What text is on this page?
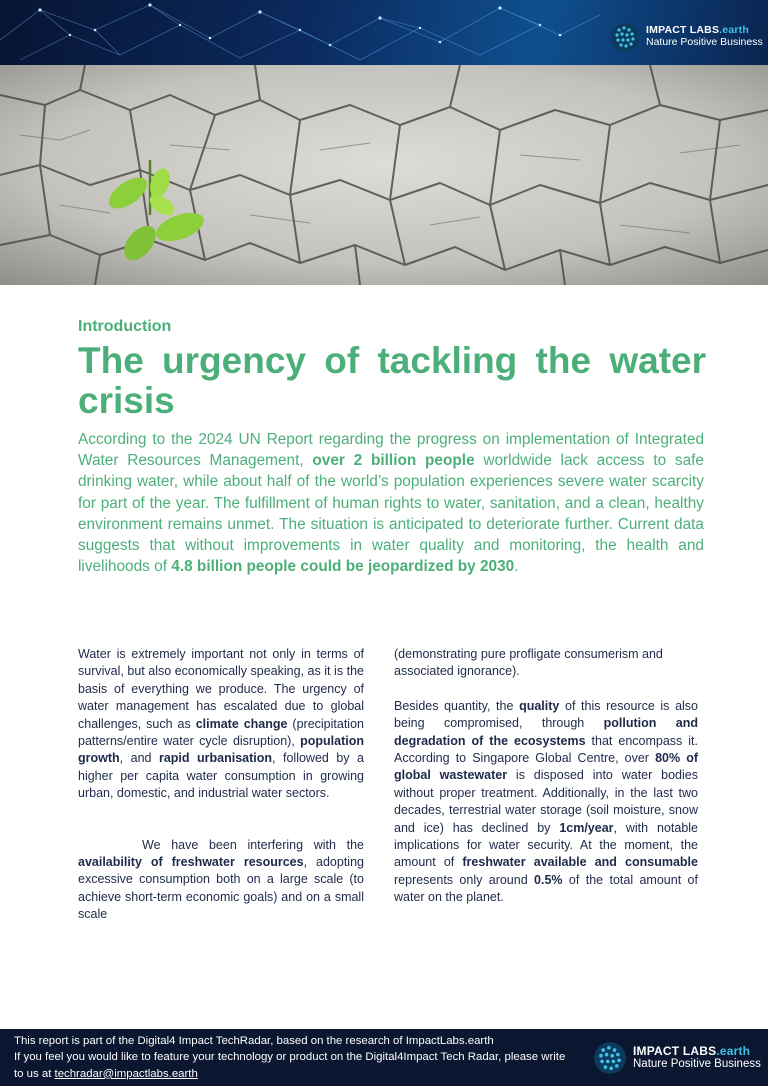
IMPACT LABS.earth
Nature Positive Business
Introduction
The urgency of tackling the water crisis

According to the 2024 UN Report regarding the progress on implementation of Integrated Water Resources Management, over 2 billion people worldwide lack access to safe drinking water, while about half of the world’s population experiences severe water scarcity for part of the year. The fulfillment of human rights to water, sanitation, and a clean, healthy environment remains unmet. The situation is anticipated to deteriorate further. Current data suggests that without improvements in water quality and monitoring, the health and livelihoods of 4.8 billion people could be jeopardized by 2030.

Water is extremely important not only in terms of survival, but also economically speaking, as it is the basis of everything we produce. The urgency of water management has escalated due to global challenges, such as climate change (precipitation patterns/entire water cycle disruption), population growth, and rapid urbanisation, followed by a higher per capita water consumption in growing urban, domestic, and industrial water sectors.

We have been interfering with the availability of freshwater resources, adopting excessive consumption both on a large scale (to achieve short-term economic goals) and on a small scale

(demonstrating pure profligate consumerism and associated ignorance).

Besides quantity, the quality of this resource is also being compromised, through pollution and degradation of the ecosystems that encompass it. According to Singapore Global Centre, over 80% of global wastewater is disposed into water bodies without proper treatment. Additionally, in the last two decades, terrestrial water storage (soil moisture, snow and ice) has declined by 1cm/year, with notable implications for water security. At the moment, the amount of freshwater available and consumable represents only around 0.5% of the total amount of water on the planet.

This report is part of the Digital4 Impact TechRadar, based on the research of ImpactLabs.earth
If you feel you would like to feature your technology or product on the Digital4Impact Tech Radar, please write to us at techradar@impactlabs.earth
IMPACT LABS.earth
Nature Positive Business
